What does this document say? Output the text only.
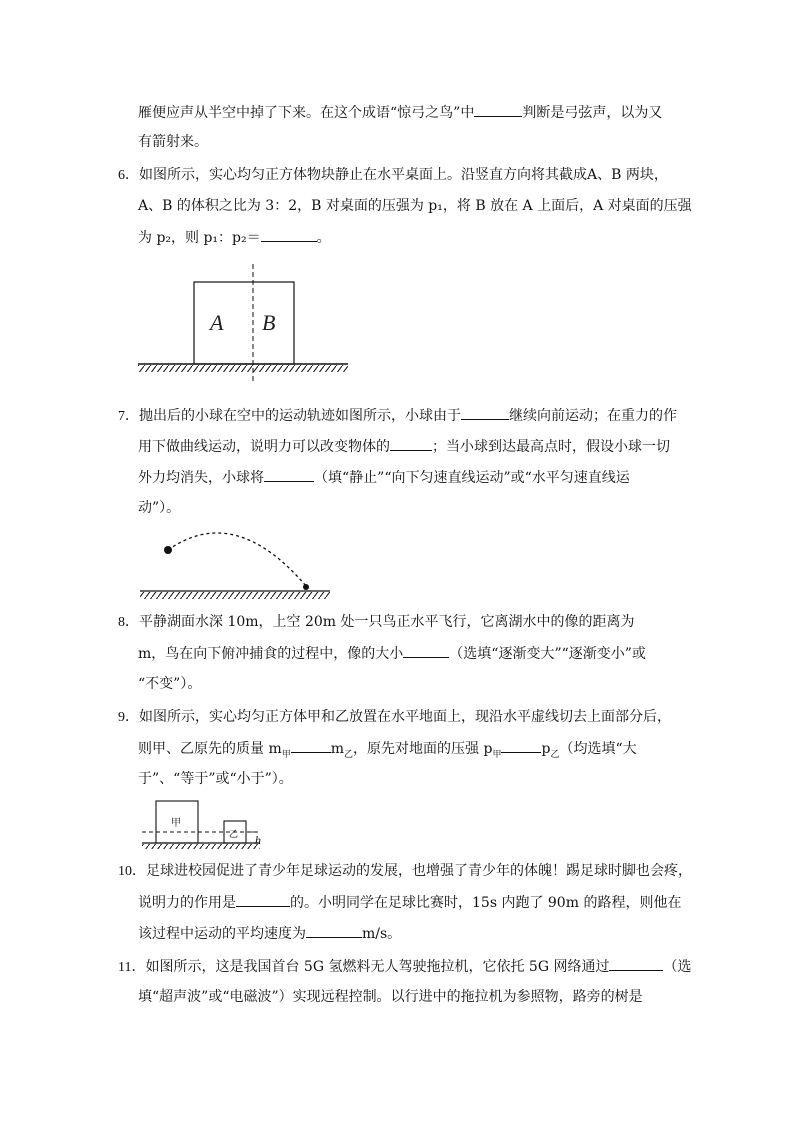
雁便应声从半空中掉了下来。在这个成语“惊弓之鸟”中	判断是弓弦声，以为又
有箭射来。
6．如图所示，实心均匀正方体物块静止在水平桌面上。沿竖直方向将其截成A、B 两块，
A、B 的体积之比为 3：2，B 对桌面的压强为 p₁，将 B 放在 A 上面后，A 对桌面的压强
为 p₂，则 p₁：p₂＝	。
A B
7．抛出后的小球在空中的运动轨迹如图所示，小球由于	继续向前运动；在重力的作
用下做曲线运动，说明力可以改变物体的	；当小球到达最高点时，假设小球一切
外力均消失，小球将	（填“静止”“向下匀速直线运动”或“水平匀速直线运
动”）。
8．平静湖面水深 10m，上空 20m 处一只鸟正水平飞行，它离湖水中的像的距离为
m，鸟在向下俯冲捕食的过程中，像的大小	（选填“逐渐变大”“逐渐变小”或
“不变”）。
9．如图所示，实心均匀正方体甲和乙放置在水平地面上，现沿水平虚线切去上面部分后，
则甲、乙原先的质量 $m_甲$	$m_乙$，原先对地面的压强 $p_甲$	$p_乙$（均选填“大
于”、“等于”或“小于”）。
甲
乙 h
10．足球进校园促进了青少年足球运动的发展，也增强了青少年的体魄！踢足球时脚也会疼，
说明力的作用是	的。小明同学在足球比赛时，15s 内跑了 90m 的路程，则他在
该过程中运动的平均速度为	m/s。
11．如图所示，这是我国首台 5G 氢燃料无人驾驶拖拉机，它依托 5G 网络通过	（选
填“超声波”或“电磁波”）实现远程控制。以行进中的拖拉机为参照物，路旁的树是
